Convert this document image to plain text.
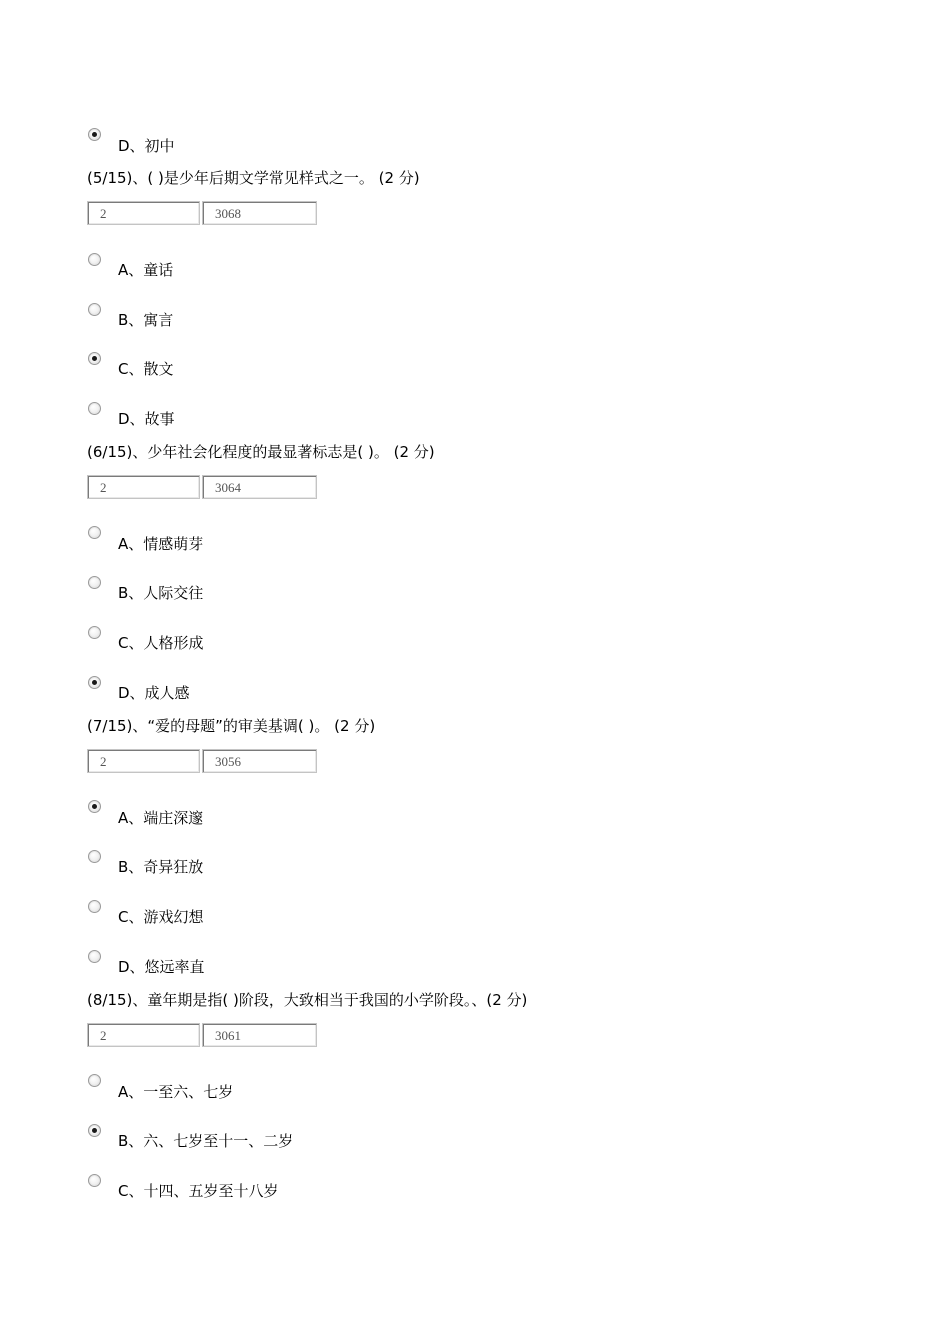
D、初中
(5/15)、( )是少年后期文学常见样式之一。 (2 分)
2	3068
A、童话
B、寓言
C、散文
D、故事
(6/15)、少年社会化程度的最显著标志是( )。 (2 分)
2	3064
A、情感萌芽
B、人际交往
C、人格形成
D、成人感
(7/15)、“爱的母题”的审美基调( )。 (2 分)
2	3056
A、端庄深邃
B、奇异狂放
C、游戏幻想
D、悠远率直
(8/15)、童年期是指( )阶段，大致相当于我国的小学阶段。、(2 分)
2	3061
A、一至六、七岁
B、六、七岁至十一、二岁
C、十四、五岁至十八岁
